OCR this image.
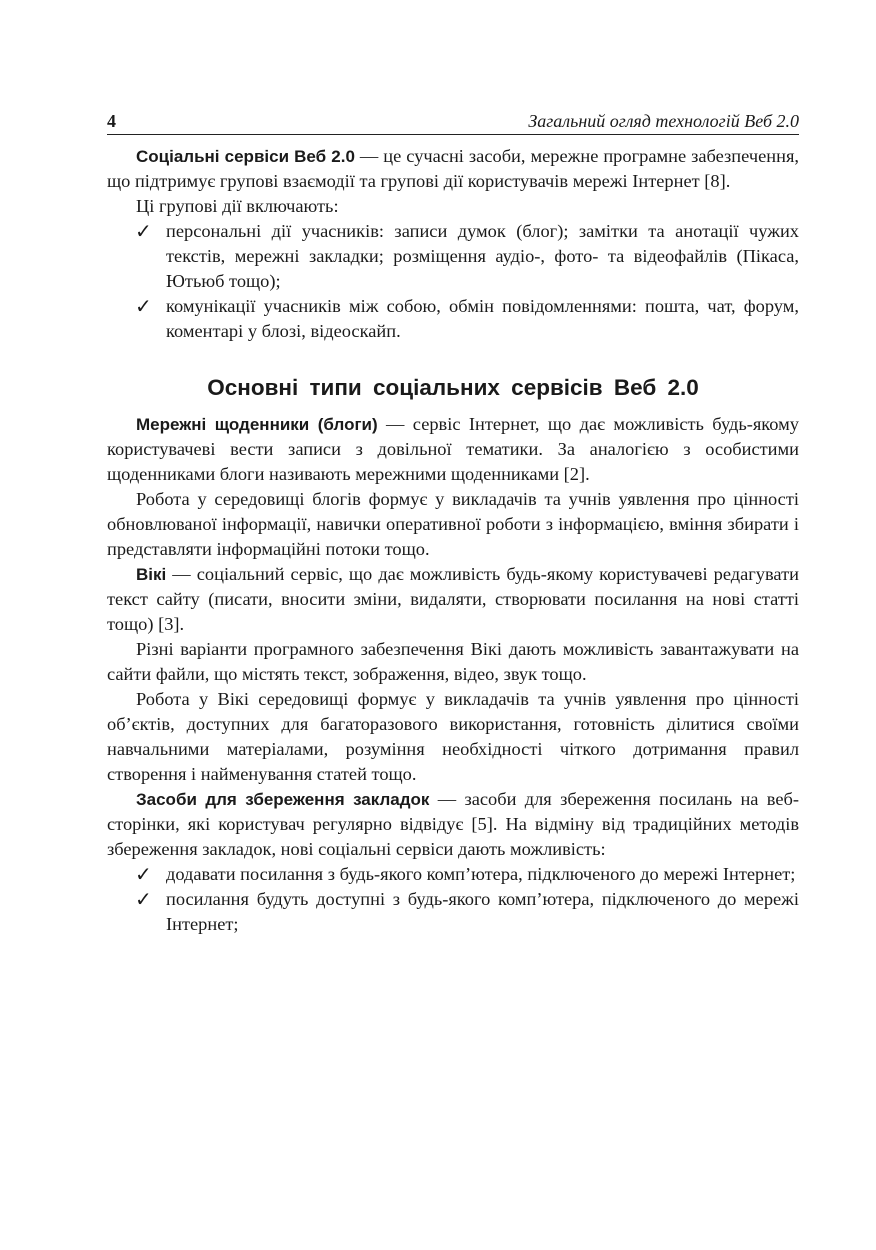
4	Загальний огляд технологій Веб 2.0

Соціальні сервіси Веб 2.0 — це сучасні засоби, мережне програмне забезпечення, що підтримує групові взаємодії та групові дії користувачів мережі Інтернет [8].

Ці групові дії включають:

✓ персональні дії учасників: записи думок (блог); замітки та анотації чужих текстів, мережні закладки; розміщення аудіо-, фото- та відеофайлів (Пікаса, Ютьюб тощо);
✓ комунікації учасників між собою, обмін повідомленнями: пошта, чат, форум, коментарі у блозі, відеоскайп.
Основні типи соціальних сервісів Веб 2.0

Мережні щоденники (блоги) — сервіс Інтернет, що дає можливість будь-якому користувачеві вести записи з довільної тематики. За аналогією з особистими щоденниками блоги називають мережними щоденниками [2].

Робота у середовищі блогів формує у викладачів та учнів уявлення про цінності обновлюваної інформації, навички оперативної роботи з інформацією, вміння збирати і представляти інформаційні потоки тощо.

Вікі — соціальний сервіс, що дає можливість будь-якому користувачеві редагувати текст сайту (писати, вносити зміни, видаляти, створювати посилання на нові статті тощо) [3].

Різні варіанти програмного забезпечення Вікі дають можливість завантажувати на сайти файли, що містять текст, зображення, відео, звук тощо.

Робота у Вікі середовищі формує у викладачів та учнів уявлення про цінності об’єктів, доступних для багаторазового використання, готовність ділитися своїми навчальними матеріалами, розуміння необхідності чіткого дотримання правил створення і найменування статей тощо.

Засоби для збереження закладок — засоби для збереження посилань на веб-сторінки, які користувач регулярно відвідує [5]. На відміну від традиційних методів збереження закладок, нові соціальні сервіси дають можливість:

✓ додавати посилання з будь-якого комп’ютера, підключеного до мережі Інтернет;
✓ посилання будуть доступні з будь-якого комп’ютера, підключеного до мережі Інтернет;
